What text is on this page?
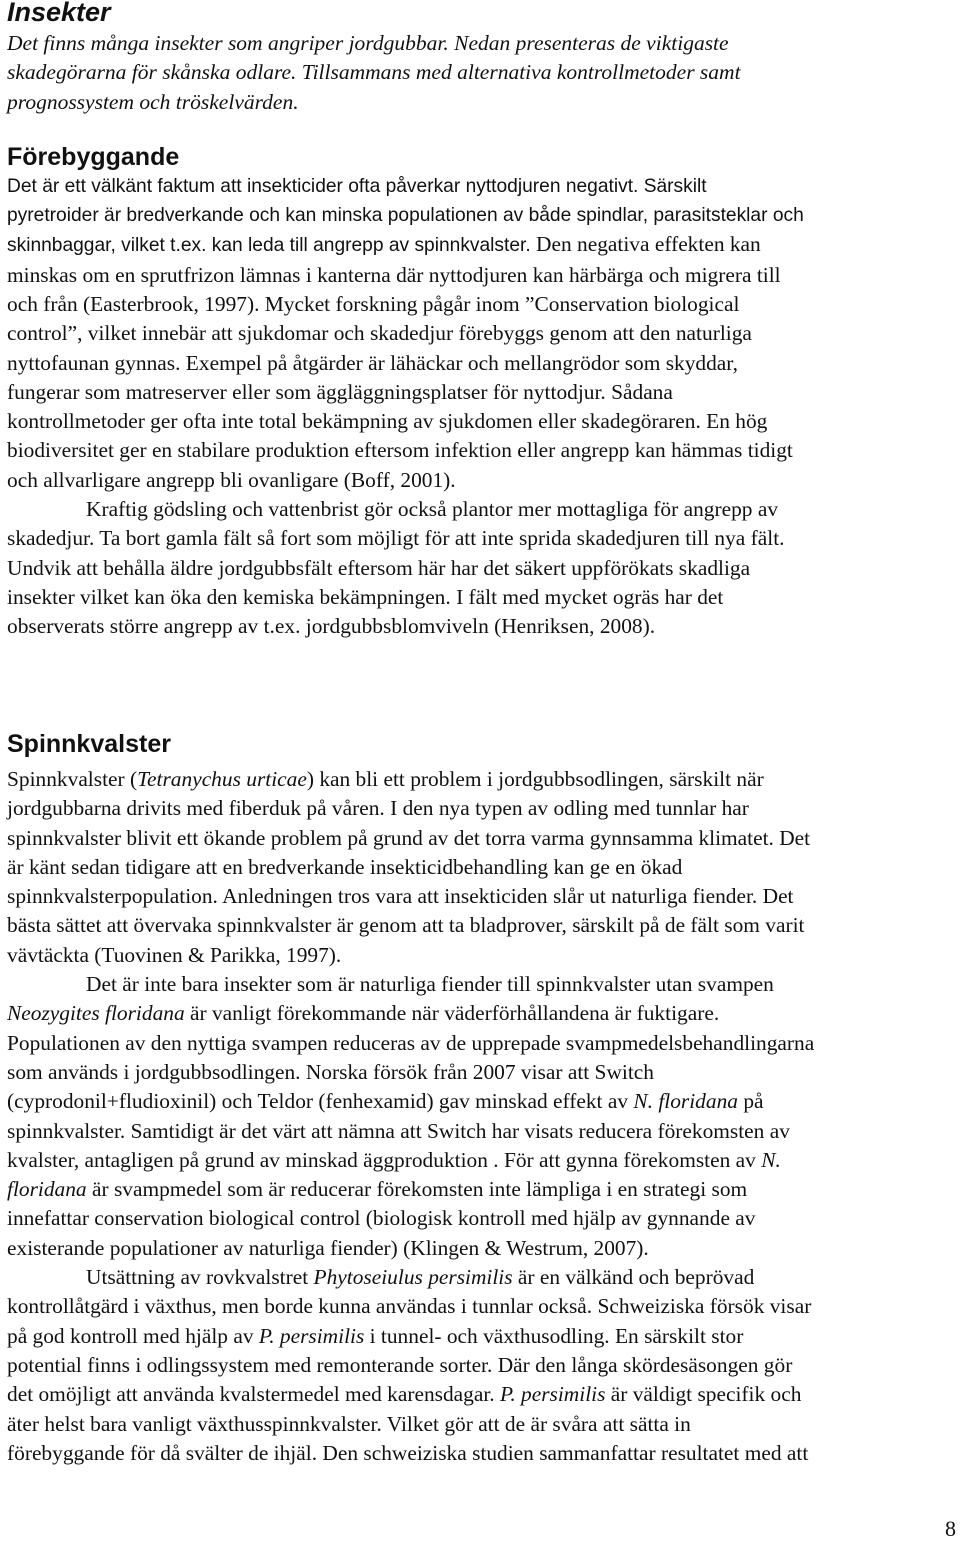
Insekter

Det finns många insekter som angriper jordgubbar. Nedan presenteras de viktigaste
skadegörarna för skånska odlare. Tillsammans med alternativa kontrollmetoder samt
prognossystem och tröskelvärden.

Förebyggande
Det är ett välkänt faktum att insekticider ofta påverkar nyttodjuren negativt. Särskilt
pyretroider är bredverkande och kan minska populationen av både spindlar, parasitsteklar och
skinnbaggar, vilket t.ex. kan leda till angrepp av spinnkvalster. Den negativa effekten kan
minskas om en sprutfrizon lämnas i kanterna där nyttodjuren kan härbärga och migrera till
och från (Easterbrook, 1997). Mycket forskning pågår inom ”Conservation biological
control”, vilket innebär att sjukdomar och skadedjur förebyggs genom att den naturliga
nyttofaunan gynnas. Exempel på åtgärder är lähäckar och mellangrödor som skyddar,
fungerar som matreserver eller som äggläggningsplatser för nyttodjur. Sådana
kontrollmetoder ger ofta inte total bekämpning av sjukdomen eller skadegöraren. En hög
biodiversitet ger en stabilare produktion eftersom infektion eller angrepp kan hämmas tidigt
och allvarligare angrepp bli ovanligare (Boff, 2001).
Kraftig gödsling och vattenbrist gör också plantor mer mottagliga för angrepp av
skadedjur. Ta bort gamla fält så fort som möjligt för att inte sprida skadedjuren till nya fält.
Undvik att behålla äldre jordgubbsfält eftersom här har det säkert uppförökats skadliga
insekter vilket kan öka den kemiska bekämpningen. I fält med mycket ogräs har det
observerats större angrepp av t.ex. jordgubbsblomviveln (Henriksen, 2008).
Spinnkvalster
Spinnkvalster (Tetranychus urticae) kan bli ett problem i jordgubbsodlingen, särskilt när
jordgubbarna drivits med fiberduk på våren. I den nya typen av odling med tunnlar har
spinnkvalster blivit ett ökande problem på grund av det torra varma gynnsamma klimatet. Det
är känt sedan tidigare att en bredverkande insekticidbehandling kan ge en ökad
spinnkvalsterpopulation. Anledningen tros vara att insekticiden slår ut naturliga fiender. Det
bästa sättet att övervaka spinnkvalster är genom att ta bladprover, särskilt på de fält som varit
vävtäckta (Tuovinen & Parikka, 1997).
Det är inte bara insekter som är naturliga fiender till spinnkvalster utan svampen
Neozygites floridana är vanligt förekommande när väderförhållandena är fuktigare.
Populationen av den nyttiga svampen reduceras av de upprepade svampmedelsbehandlingarna
som används i jordgubbsodlingen. Norska försök från 2007 visar att Switch
(cyprodonil+fludioxinil) och Teldor (fenhexamid) gav minskad effekt av N. floridana på
spinnkvalster. Samtidigt är det värt att nämna att Switch har visats reducera förekomsten av
kvalster, antagligen på grund av minskad äggproduktion . För att gynna förekomsten av N.
floridana är svampmedel som är reducerar förekomsten inte lämpliga i en strategi som
innefattar conservation biological control (biologisk kontroll med hjälp av gynnande av
existerande populationer av naturliga fiender) (Klingen & Westrum, 2007).
Utsättning av rovkvalstret Phytoseiulus persimilis är en välkänd och beprövad
kontrollåtgärd i växthus, men borde kunna användas i tunnlar också. Schweiziska försök visar
på god kontroll med hjälp av P. persimilis i tunnel- och växthusodling. En särskilt stor
potential finns i odlingssystem med remonterande sorter. Där den långa skördesäsongen gör
det omöjligt att använda kvalstermedel med karensdagar. P. persimilis är väldigt specifik och
äter helst bara vanligt växthusspinnkvalster. Vilket gör att de är svåra att sätta in
förebyggande för då svälter de ihjäl. Den schweiziska studien sammanfattar resultatet med att
8
